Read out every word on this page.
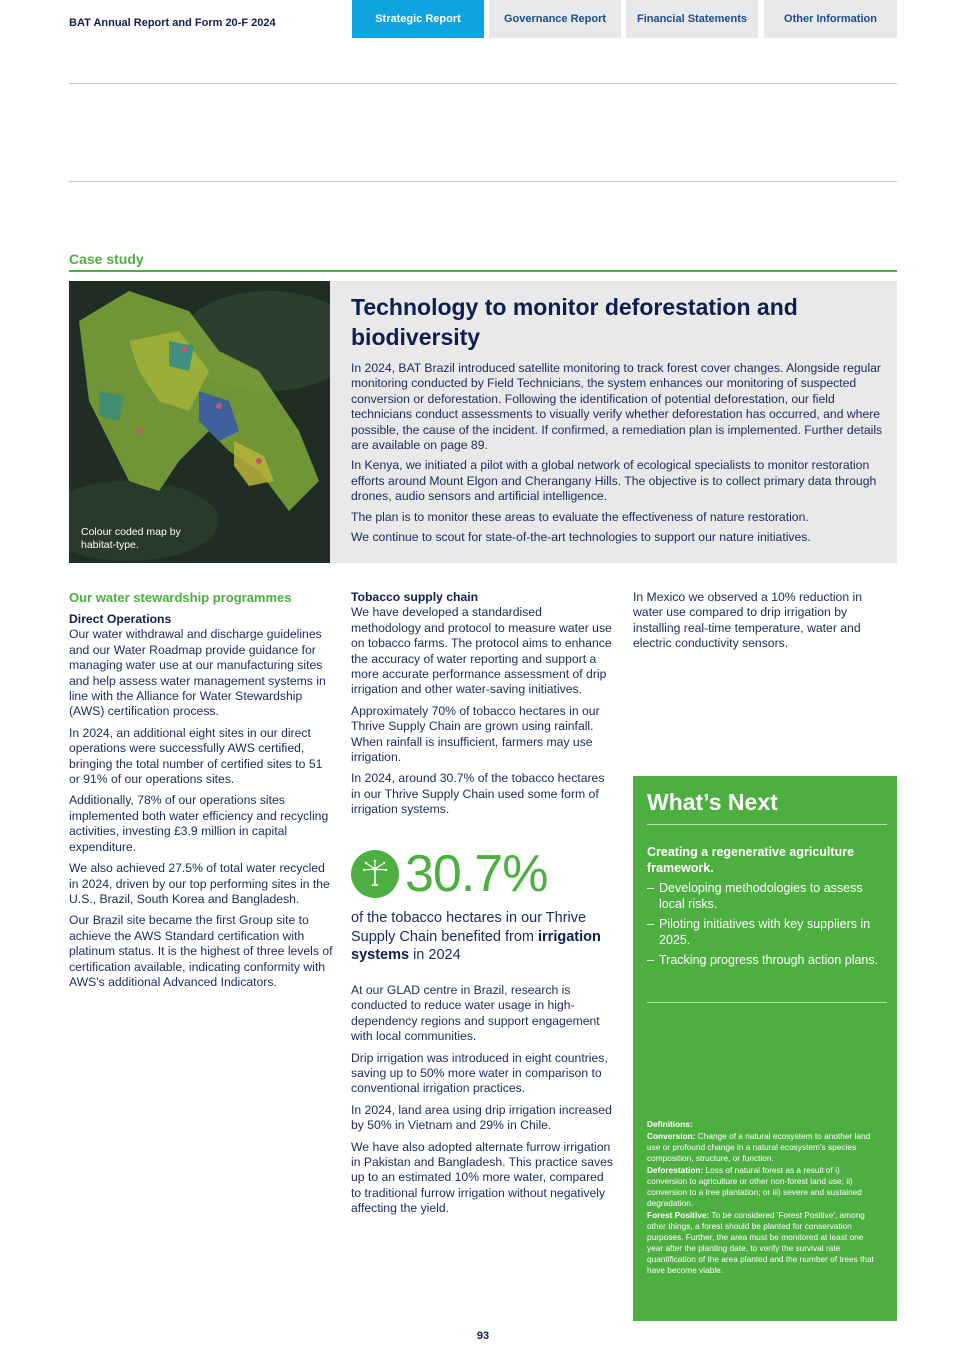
BAT Annual Report and Form 20-F 2024	Strategic Report	Governance Report	Financial Statements	Other Information
Case study
Colour coded map by habitat-type.
Technology to monitor deforestation and biodiversity

In 2024, BAT Brazil introduced satellite monitoring to track forest cover changes. Alongside regular monitoring conducted by Field Technicians, the system enhances our monitoring of suspected conversion or deforestation. Following the identification of potential deforestation, our field technicians conduct assessments to visually verify whether deforestation has occurred, and where possible, the cause of the incident. If confirmed, a remediation plan is implemented. Further details are available on page 89.

In Kenya, we initiated a pilot with a global network of ecological specialists to monitor restoration efforts around Mount Elgon and Cherangany Hills. The objective is to collect primary data through drones, audio sensors and artificial intelligence.

The plan is to monitor these areas to evaluate the effectiveness of nature restoration.

We continue to scout for state-of-the-art technologies to support our nature initiatives.

Our water stewardship programmes
Direct Operations

Our water withdrawal and discharge guidelines and our Water Roadmap provide guidance for managing water use at our manufacturing sites and help assess water management systems in line with the Alliance for Water Stewardship (AWS) certification process.

In 2024, an additional eight sites in our direct operations were successfully AWS certified, bringing the total number of certified sites to 51 or 91% of our operations sites.

Additionally, 78% of our operations sites implemented both water efficiency and recycling activities, investing £3.9 million in capital expenditure.

We also achieved 27.5% of total water recycled in 2024, driven by our top performing sites in the U.S., Brazil, South Korea and Bangladesh.

Our Brazil site became the first Group site to achieve the AWS Standard certification with platinum status. It is the highest of three levels of certification available, indicating conformity with AWS's additional Advanced Indicators.

Tobacco supply chain

We have developed a standardised methodology and protocol to measure water use on tobacco farms. The protocol aims to enhance the accuracy of water reporting and support a more accurate performance assessment of drip irrigation and other water-saving initiatives.

Approximately 70% of tobacco hectares in our Thrive Supply Chain are grown using rainfall. When rainfall is insufficient, farmers may use irrigation.

In 2024, around 30.7% of the tobacco hectares in our Thrive Supply Chain used some form of irrigation systems.

30.7%
of the tobacco hectares in our Thrive Supply Chain benefited from irrigation systems in 2024

At our GLAD centre in Brazil, research is conducted to reduce water usage in high-dependency regions and support engagement with local communities.

Drip irrigation was introduced in eight countries, saving up to 50% more water in comparison to conventional irrigation practices.

In 2024, land area using drip irrigation increased by 50% in Vietnam and 29% in Chile.

We have also adopted alternate furrow irrigation in Pakistan and Bangladesh. This practice saves up to an estimated 10% more water, compared to traditional furrow irrigation without negatively affecting the yield.

In Mexico we observed a 10% reduction in water use compared to drip irrigation by installing real-time temperature, water and electric conductivity sensors.

What’s Next
Creating a regenerative agriculture framework.
– Developing methodologies to assess local risks.
– Piloting initiatives with key suppliers in 2025.
– Tracking progress through action plans.

Definitions:

Conversion: Change of a natural ecosystem to another land use or profound change in a natural ecosystem's species composition, structure, or function.

Deforestation: Loss of natural forest as a result of i) conversion to agriculture or other non-forest land use; ii) conversion to a tree plantation; or iii) severe and sustained degradation.

Forest Positive: To be considered 'Forest Positive', among other things, a forest should be planted for conservation purposes. Further, the area must be monitored at least one year after the planting date, to verify the survival rate quantification of the area planted and the number of trees that have become viable.

93
